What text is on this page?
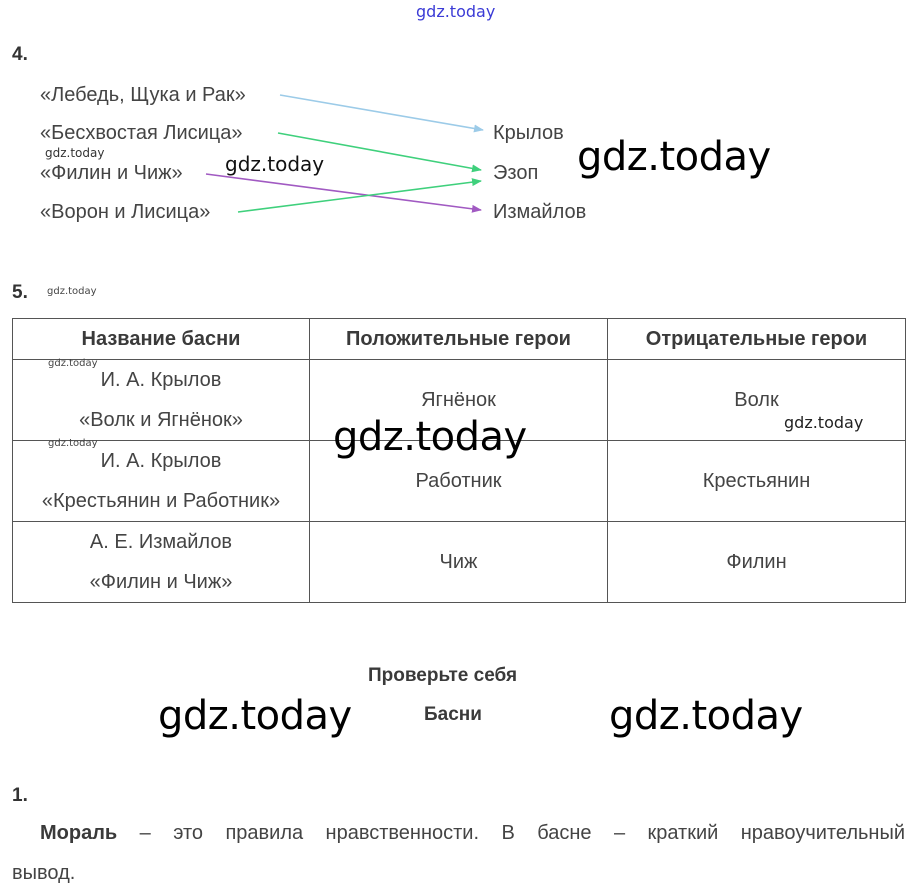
gdz.today
4.
«Лебедь, Щука и Рак»
«Бесхвостая Лисица»
«Филин и Чиж»
«Ворон и Лисица»
Крылов
Эзоп
Измайлов
gdz.today
gdz.today
gdz.today
5. gdz.today
Название басни	Положительные герои	Отрицательные герои

И. А. Крылов
«Волк и Ягнёнок»	Ягнёнок	Волк

И. А. Крылов
«Крестьянин и Работник»	Работник	Крестьянин

А. Е. Измайлов
«Филин и Чиж»	Чиж	Филин
gdz.today
gdz.today
gdz.today
gdz.today
Проверьте себя
Басни
gdz.today	gdz.today
1.
Мораль – это правила нравственности. В басне – краткий нравоучительный
вывод.
